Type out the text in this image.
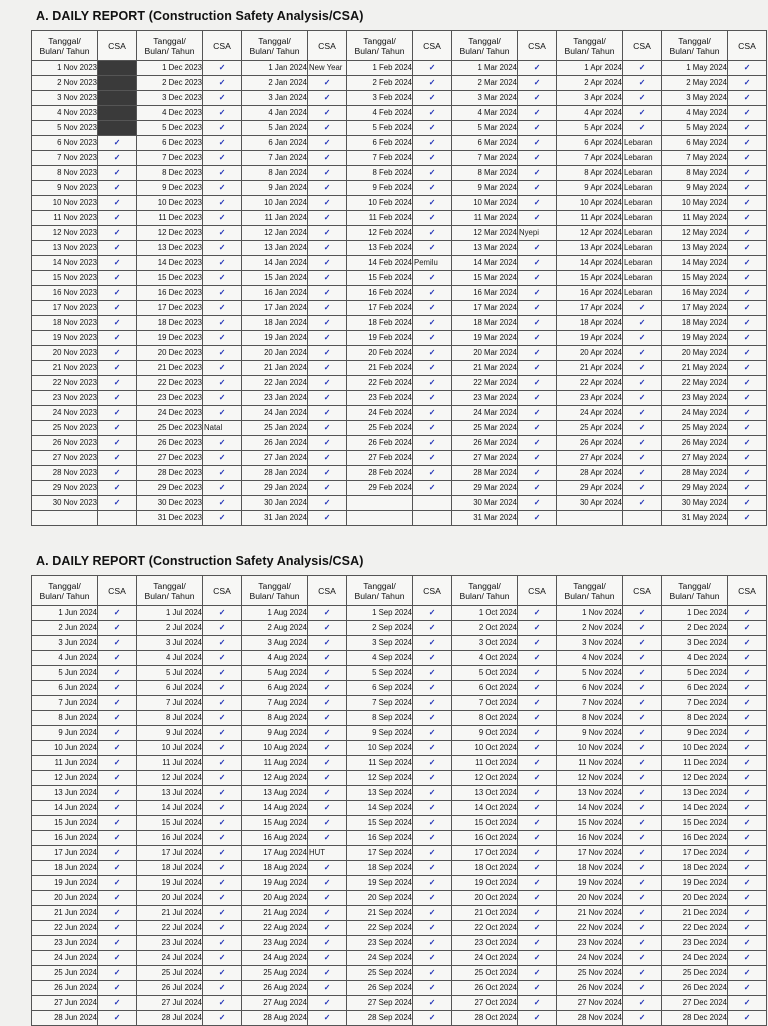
A. DAILY REPORT (Construction Safety Analysis/CSA)
Tanggal/
Bulan/ Tahun	CSA	Tanggal/
Bulan/ Tahun	CSA	Tanggal/
Bulan/ Tahun	CSA	Tanggal/
Bulan/ Tahun	CSA	Tanggal/
Bulan/ Tahun	CSA	Tanggal/
Bulan/ Tahun	CSA	Tanggal/
Bulan/ Tahun	CSA
1 Nov 2023		1 Dec 2023	✓	1 Jan 2024	New Year	1 Feb 2024	✓	1 Mar 2024	✓	1 Apr 2024	✓	1 May 2024	✓
2 Nov 2023		2 Dec 2023	✓	2 Jan 2024	✓	2 Feb 2024	✓	2 Mar 2024	✓	2 Apr 2024	✓	2 May 2024	✓
3 Nov 2023		3 Dec 2023	✓	3 Jan 2024	✓	3 Feb 2024	✓	3 Mar 2024	✓	3 Apr 2024	✓	3 May 2024	✓
4 Nov 2023		4 Dec 2023	✓	4 Jan 2024	✓	4 Feb 2024	✓	4 Mar 2024	✓	4 Apr 2024	✓	4 May 2024	✓
5 Nov 2023		5 Dec 2023	✓	5 Jan 2024	✓	5 Feb 2024	✓	5 Mar 2024	✓	5 Apr 2024	✓	5 May 2024	✓
6 Nov 2023	✓	6 Dec 2023	✓	6 Jan 2024	✓	6 Feb 2024	✓	6 Mar 2024	✓	6 Apr 2024	Lebaran	6 May 2024	✓
7 Nov 2023	✓	7 Dec 2023	✓	7 Jan 2024	✓	7 Feb 2024	✓	7 Mar 2024	✓	7 Apr 2024	Lebaran	7 May 2024	✓
8 Nov 2023	✓	8 Dec 2023	✓	8 Jan 2024	✓	8 Feb 2024	✓	8 Mar 2024	✓	8 Apr 2024	Lebaran	8 May 2024	✓
9 Nov 2023	✓	9 Dec 2023	✓	9 Jan 2024	✓	9 Feb 2024	✓	9 Mar 2024	✓	9 Apr 2024	Lebaran	9 May 2024	✓
10 Nov 2023	✓	10 Dec 2023	✓	10 Jan 2024	✓	10 Feb 2024	✓	10 Mar 2024	✓	10 Apr 2024	Lebaran	10 May 2024	✓
11 Nov 2023	✓	11 Dec 2023	✓	11 Jan 2024	✓	11 Feb 2024	✓	11 Mar 2024	✓	11 Apr 2024	Lebaran	11 May 2024	✓
12 Nov 2023	✓	12 Dec 2023	✓	12 Jan 2024	✓	12 Feb 2024	✓	12 Mar 2024	Nyepi	12 Apr 2024	Lebaran	12 May 2024	✓
13 Nov 2023	✓	13 Dec 2023	✓	13 Jan 2024	✓	13 Feb 2024	✓	13 Mar 2024	✓	13 Apr 2024	Lebaran	13 May 2024	✓
14 Nov 2023	✓	14 Dec 2023	✓	14 Jan 2024	✓	14 Feb 2024	Pemilu	14 Mar 2024	✓	14 Apr 2024	Lebaran	14 May 2024	✓
15 Nov 2023	✓	15 Dec 2023	✓	15 Jan 2024	✓	15 Feb 2024	✓	15 Mar 2024	✓	15 Apr 2024	Lebaran	15 May 2024	✓
16 Nov 2023	✓	16 Dec 2023	✓	16 Jan 2024	✓	16 Feb 2024	✓	16 Mar 2024	✓	16 Apr 2024	Lebaran	16 May 2024	✓
17 Nov 2023	✓	17 Dec 2023	✓	17 Jan 2024	✓	17 Feb 2024	✓	17 Mar 2024	✓	17 Apr 2024	✓	17 May 2024	✓
18 Nov 2023	✓	18 Dec 2023	✓	18 Jan 2024	✓	18 Feb 2024	✓	18 Mar 2024	✓	18 Apr 2024	✓	18 May 2024	✓
19 Nov 2023	✓	19 Dec 2023	✓	19 Jan 2024	✓	19 Feb 2024	✓	19 Mar 2024	✓	19 Apr 2024	✓	19 May 2024	✓
20 Nov 2023	✓	20 Dec 2023	✓	20 Jan 2024	✓	20 Feb 2024	✓	20 Mar 2024	✓	20 Apr 2024	✓	20 May 2024	✓
21 Nov 2023	✓	21 Dec 2023	✓	21 Jan 2024	✓	21 Feb 2024	✓	21 Mar 2024	✓	21 Apr 2024	✓	21 May 2024	✓
22 Nov 2023	✓	22 Dec 2023	✓	22 Jan 2024	✓	22 Feb 2024	✓	22 Mar 2024	✓	22 Apr 2024	✓	22 May 2024	✓
23 Nov 2023	✓	23 Dec 2023	✓	23 Jan 2024	✓	23 Feb 2024	✓	23 Mar 2024	✓	23 Apr 2024	✓	23 May 2024	✓
24 Nov 2023	✓	24 Dec 2023	✓	24 Jan 2024	✓	24 Feb 2024	✓	24 Mar 2024	✓	24 Apr 2024	✓	24 May 2024	✓
25 Nov 2023	✓	25 Dec 2023	Natal	25 Jan 2024	✓	25 Feb 2024	✓	25 Mar 2024	✓	25 Apr 2024	✓	25 May 2024	✓
26 Nov 2023	✓	26 Dec 2023	✓	26 Jan 2024	✓	26 Feb 2024	✓	26 Mar 2024	✓	26 Apr 2024	✓	26 May 2024	✓
27 Nov 2023	✓	27 Dec 2023	✓	27 Jan 2024	✓	27 Feb 2024	✓	27 Mar 2024	✓	27 Apr 2024	✓	27 May 2024	✓
28 Nov 2023	✓	28 Dec 2023	✓	28 Jan 2024	✓	28 Feb 2024	✓	28 Mar 2024	✓	28 Apr 2024	✓	28 May 2024	✓
29 Nov 2023	✓	29 Dec 2023	✓	29 Jan 2024	✓	29 Feb 2024	✓	29 Mar 2024	✓	29 Apr 2024	✓	29 May 2024	✓
30 Nov 2023	✓	30 Dec 2023	✓	30 Jan 2024	✓			30 Mar 2024	✓	30 Apr 2024	✓	30 May 2024	✓
		31 Dec 2023	✓	31 Jan 2024	✓			31 Mar 2024	✓			31 May 2024	✓
A. DAILY REPORT (Construction Safety Analysis/CSA)
Tanggal/
Bulan/ Tahun	CSA	Tanggal/
Bulan/ Tahun	CSA	Tanggal/
Bulan/ Tahun	CSA	Tanggal/
Bulan/ Tahun	CSA	Tanggal/
Bulan/ Tahun	CSA	Tanggal/
Bulan/ Tahun	CSA	Tanggal/
Bulan/ Tahun	CSA
1 Jun 2024	✓	1 Jul 2024	✓	1 Aug 2024	✓	1 Sep 2024	✓	1 Oct 2024	✓	1 Nov 2024	✓	1 Dec 2024	✓
2 Jun 2024	✓	2 Jul 2024	✓	2 Aug 2024	✓	2 Sep 2024	✓	2 Oct 2024	✓	2 Nov 2024	✓	2 Dec 2024	✓
3 Jun 2024	✓	3 Jul 2024	✓	3 Aug 2024	✓	3 Sep 2024	✓	3 Oct 2024	✓	3 Nov 2024	✓	3 Dec 2024	✓
4 Jun 2024	✓	4 Jul 2024	✓	4 Aug 2024	✓	4 Sep 2024	✓	4 Oct 2024	✓	4 Nov 2024	✓	4 Dec 2024	✓
5 Jun 2024	✓	5 Jul 2024	✓	5 Aug 2024	✓	5 Sep 2024	✓	5 Oct 2024	✓	5 Nov 2024	✓	5 Dec 2024	✓
6 Jun 2024	✓	6 Jul 2024	✓	6 Aug 2024	✓	6 Sep 2024	✓	6 Oct 2024	✓	6 Nov 2024	✓	6 Dec 2024	✓
7 Jun 2024	✓	7 Jul 2024	✓	7 Aug 2024	✓	7 Sep 2024	✓	7 Oct 2024	✓	7 Nov 2024	✓	7 Dec 2024	✓
8 Jun 2024	✓	8 Jul 2024	✓	8 Aug 2024	✓	8 Sep 2024	✓	8 Oct 2024	✓	8 Nov 2024	✓	8 Dec 2024	✓
9 Jun 2024	✓	9 Jul 2024	✓	9 Aug 2024	✓	9 Sep 2024	✓	9 Oct 2024	✓	9 Nov 2024	✓	9 Dec 2024	✓
10 Jun 2024	✓	10 Jul 2024	✓	10 Aug 2024	✓	10 Sep 2024	✓	10 Oct 2024	✓	10 Nov 2024	✓	10 Dec 2024	✓
11 Jun 2024	✓	11 Jul 2024	✓	11 Aug 2024	✓	11 Sep 2024	✓	11 Oct 2024	✓	11 Nov 2024	✓	11 Dec 2024	✓
12 Jun 2024	✓	12 Jul 2024	✓	12 Aug 2024	✓	12 Sep 2024	✓	12 Oct 2024	✓	12 Nov 2024	✓	12 Dec 2024	✓
13 Jun 2024	✓	13 Jul 2024	✓	13 Aug 2024	✓	13 Sep 2024	✓	13 Oct 2024	✓	13 Nov 2024	✓	13 Dec 2024	✓
14 Jun 2024	✓	14 Jul 2024	✓	14 Aug 2024	✓	14 Sep 2024	✓	14 Oct 2024	✓	14 Nov 2024	✓	14 Dec 2024	✓
15 Jun 2024	✓	15 Jul 2024	✓	15 Aug 2024	✓	15 Sep 2024	✓	15 Oct 2024	✓	15 Nov 2024	✓	15 Dec 2024	✓
16 Jun 2024	✓	16 Jul 2024	✓	16 Aug 2024	✓	16 Sep 2024	✓	16 Oct 2024	✓	16 Nov 2024	✓	16 Dec 2024	✓
17 Jun 2024	✓	17 Jul 2024	✓	17 Aug 2024	HUT	17 Sep 2024	✓	17 Oct 2024	✓	17 Nov 2024	✓	17 Dec 2024	✓
18 Jun 2024	✓	18 Jul 2024	✓	18 Aug 2024	✓	18 Sep 2024	✓	18 Oct 2024	✓	18 Nov 2024	✓	18 Dec 2024	✓
19 Jun 2024	✓	19 Jul 2024	✓	19 Aug 2024	✓	19 Sep 2024	✓	19 Oct 2024	✓	19 Nov 2024	✓	19 Dec 2024	✓
20 Jun 2024	✓	20 Jul 2024	✓	20 Aug 2024	✓	20 Sep 2024	✓	20 Oct 2024	✓	20 Nov 2024	✓	20 Dec 2024	✓
21 Jun 2024	✓	21 Jul 2024	✓	21 Aug 2024	✓	21 Sep 2024	✓	21 Oct 2024	✓	21 Nov 2024	✓	21 Dec 2024	✓
22 Jun 2024	✓	22 Jul 2024	✓	22 Aug 2024	✓	22 Sep 2024	✓	22 Oct 2024	✓	22 Nov 2024	✓	22 Dec 2024	✓
23 Jun 2024	✓	23 Jul 2024	✓	23 Aug 2024	✓	23 Sep 2024	✓	23 Oct 2024	✓	23 Nov 2024	✓	23 Dec 2024	✓
24 Jun 2024	✓	24 Jul 2024	✓	24 Aug 2024	✓	24 Sep 2024	✓	24 Oct 2024	✓	24 Nov 2024	✓	24 Dec 2024	✓
25 Jun 2024	✓	25 Jul 2024	✓	25 Aug 2024	✓	25 Sep 2024	✓	25 Oct 2024	✓	25 Nov 2024	✓	25 Dec 2024	✓
26 Jun 2024	✓	26 Jul 2024	✓	26 Aug 2024	✓	26 Sep 2024	✓	26 Oct 2024	✓	26 Nov 2024	✓	26 Dec 2024	✓
27 Jun 2024	✓	27 Jul 2024	✓	27 Aug 2024	✓	27 Sep 2024	✓	27 Oct 2024	✓	27 Nov 2024	✓	27 Dec 2024	✓
28 Jun 2024	✓	28 Jul 2024	✓	28 Aug 2024	✓	28 Sep 2024	✓	28 Oct 2024	✓	28 Nov 2024	✓	28 Dec 2024	✓
